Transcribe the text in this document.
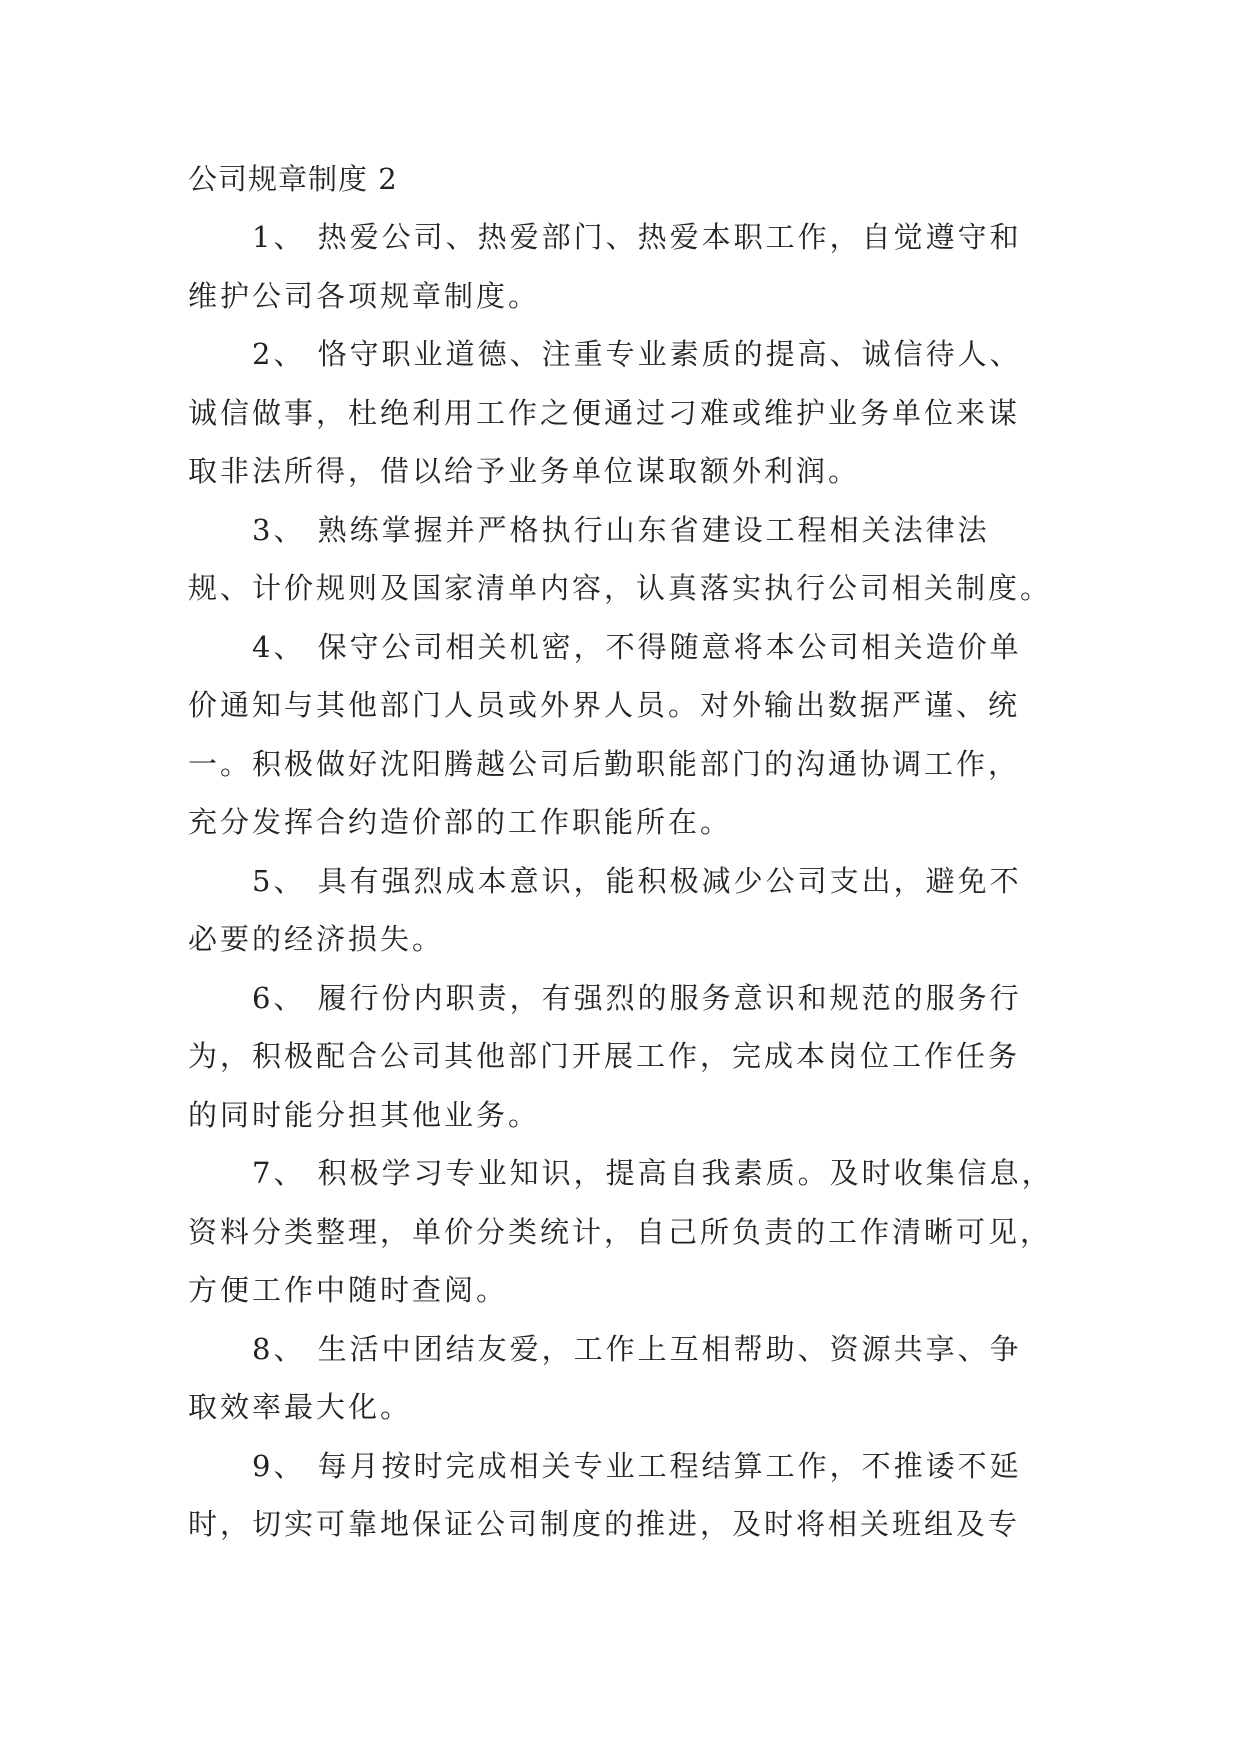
公司规章制度 2

1、 热爱公司、热爱部门、热爱本职工作，自觉遵守和
维护公司各项规章制度。

2、 恪守职业道德、注重专业素质的提高、诚信待人、
诚信做事，杜绝利用工作之便通过刁难或维护业务单位来谋
取非法所得，借以给予业务单位谋取额外利润。

3、 熟练掌握并严格执行山东省建设工程相关法律法
规、计价规则及国家清单内容，认真落实执行公司相关制度。

4、 保守公司相关机密，不得随意将本公司相关造价单
价通知与其他部门人员或外界人员。对外输出数据严谨、统
一。积极做好沈阳腾越公司后勤职能部门的沟通协调工作，
充分发挥合约造价部的工作职能所在。

5、 具有强烈成本意识，能积极减少公司支出，避免不
必要的经济损失。

6、 履行份内职责，有强烈的服务意识和规范的服务行
为，积极配合公司其他部门开展工作，完成本岗位工作任务
的同时能分担其他业务。

7、 积极学习专业知识，提高自我素质。及时收集信息，
资料分类整理，单价分类统计，自己所负责的工作清晰可见，
方便工作中随时查阅。

8、 生活中团结友爱，工作上互相帮助、资源共享、争
取效率最大化。

9、 每月按时完成相关专业工程结算工作，不推诿不延
时，切实可靠地保证公司制度的推进，及时将相关班组及专
